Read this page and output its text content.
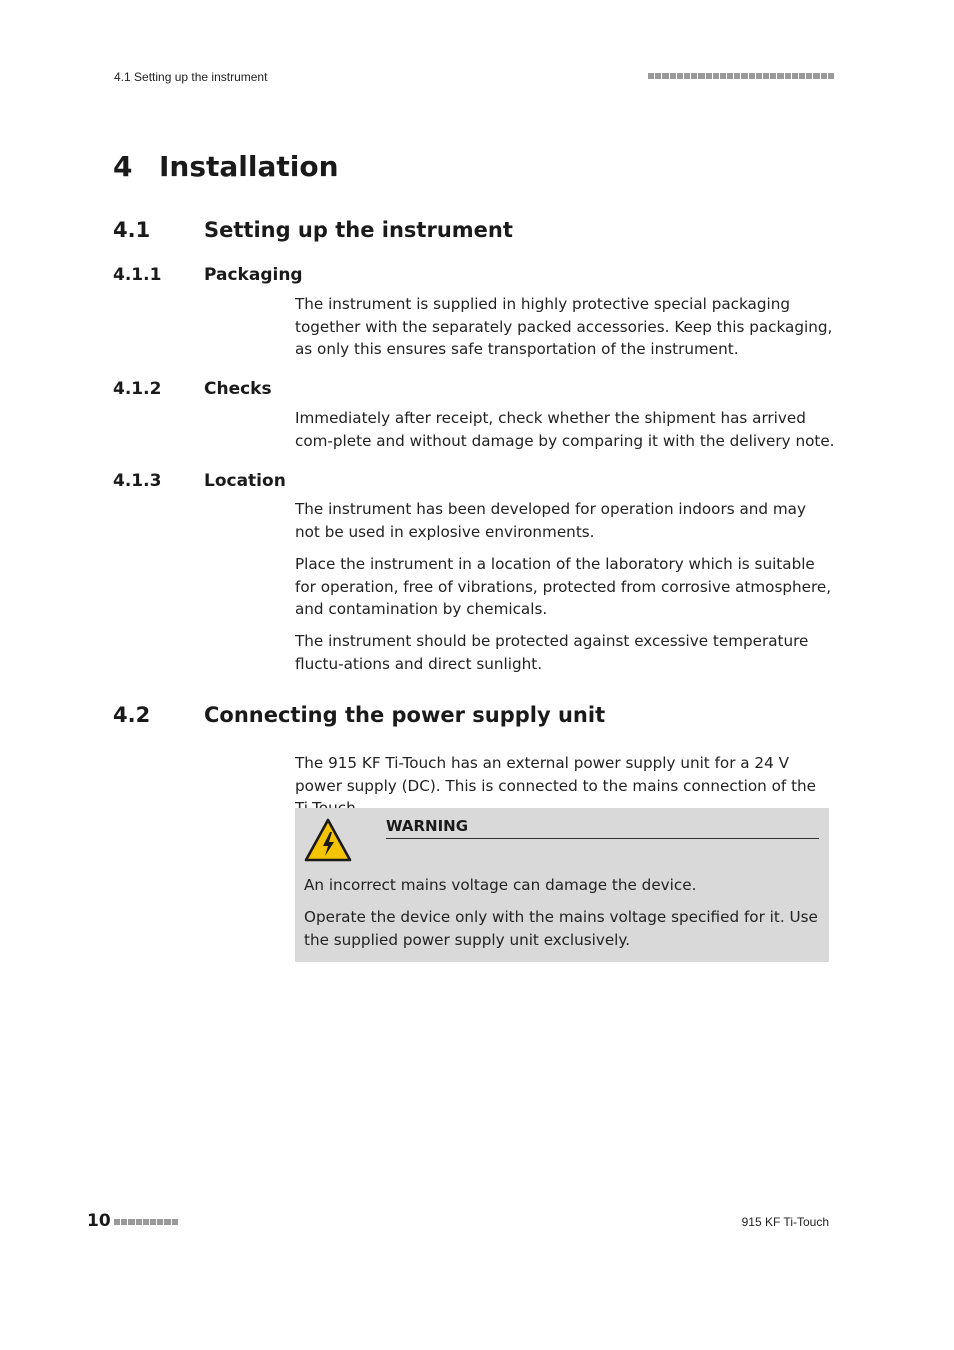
4.1 Setting up the instrument
4 Installation
4.1	Setting up the instrument
4.1.1	Packaging

The instrument is supplied in highly protective special packaging together with the separately packed accessories. Keep this packaging, as only this ensures safe transportation of the instrument.

4.1.2	Checks

Immediately after receipt, check whether the shipment has arrived com-plete and without damage by comparing it with the delivery note.

4.1.3	Location

The instrument has been developed for operation indoors and may not be used in explosive environments.

Place the instrument in a location of the laboratory which is suitable for operation, free of vibrations, protected from corrosive atmosphere, and contamination by chemicals.

The instrument should be protected against excessive temperature fluctu-ations and direct sunlight.

4.2	Connecting the power supply unit

The 915 KF Ti-Touch has an external power supply unit for a 24 V power supply (DC). This is connected to the mains connection of the

WARNING

An incorrect mains voltage can damage the device.

Operate the device only with the mains voltage specified for it. Use the supplied power supply unit exclusively.

10	915 KF Ti-Touch
